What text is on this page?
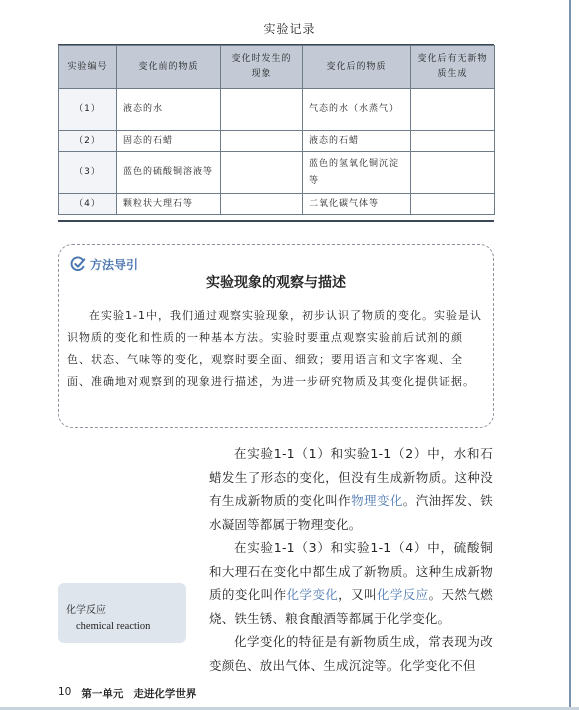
实验记录
实验编号	变化前的物质	变化时发生的现象	变化后的物质	变化后有无新物质生成
（1）	液态的水		气态的水（水蒸气）	
（2）	固态的石蜡		液态的石蜡	
（3）	蓝色的硫酸铜溶液等		蓝色的氢氧化铜沉淀等	
（4）	颗粒状大理石等		二氧化碳气体等	
方法导引
实验现象的观察与描述
在实验1-1中，我们通过观察实验现象，初步认识了物质的变化。实验是认识物质的变化和性质的一种基本方法。实验时要重点观察实验前后试剂的颜色、状态、气味等的变化，观察时要全面、细致；要用语言和文字客观、全面、准确地对观察到的现象进行描述，为进一步研究物质及其变化提供证据。

在实验1-1（1）和实验1-1（2）中，水和石蜡发生了形态的变化，但没有生成新物质。这种没有生成新物质的变化叫作物理变化。汽油挥发、铁水凝固等都属于物理变化。

在实验1-1（3）和实验1-1（4）中，硫酸铜和大理石在变化中都生成了新物质。这种生成新物质的变化叫作化学变化，又叫化学反应。天然气燃烧、铁生锈、粮食酿酒等都属于化学变化。

化学变化的特征是有新物质生成，常表现为改变颜色、放出气体、生成沉淀等。化学变化不但

化学反应
chemical reaction
10 第一单元 走进化学世界
